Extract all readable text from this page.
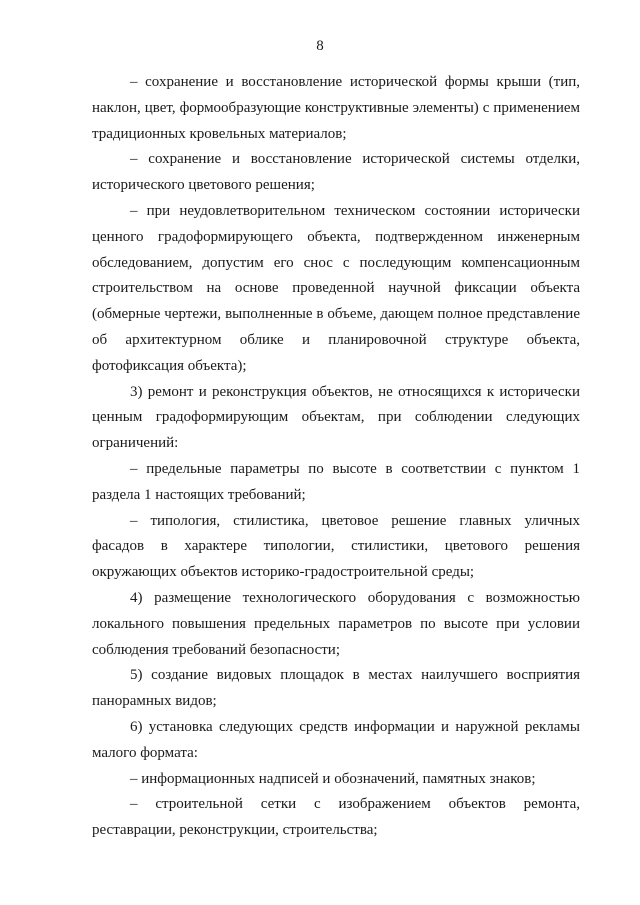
8

– сохранение и восстановление исторической формы крыши (тип, наклон, цвет, формообразующие конструктивные элементы) с применением традиционных кровельных материалов;

– сохранение и восстановление исторической системы отделки, исторического цветового решения;

– при неудовлетворительном техническом состоянии исторически ценного градоформирующего объекта, подтвержденном инженерным обследованием, допустим его снос с последующим компенсационным строительством на основе проведенной научной фиксации объекта (обмерные чертежи, выполненные в объеме, дающем полное представление об архитектурном облике и планировочной структуре объекта, фотофиксация объекта);

3) ремонт и реконструкция объектов, не относящихся к исторически ценным градоформирующим объектам, при соблюдении следующих ограничений:

– предельные параметры по высоте в соответствии с пунктом 1 раздела 1 настоящих требований;

– типология, стилистика, цветовое решение главных уличных фасадов в характере типологии, стилистики, цветового решения окружающих объектов историко-градостроительной среды;

4) размещение технологического оборудования с возможностью локального повышения предельных параметров по высоте при условии соблюдения требований безопасности;

5) создание видовых площадок в местах наилучшего восприятия панорамных видов;

6) установка следующих средств информации и наружной рекламы малого формата:

– информационных надписей и обозначений, памятных знаков;

– строительной сетки с изображением объектов ремонта, реставрации, реконструкции, строительства;
